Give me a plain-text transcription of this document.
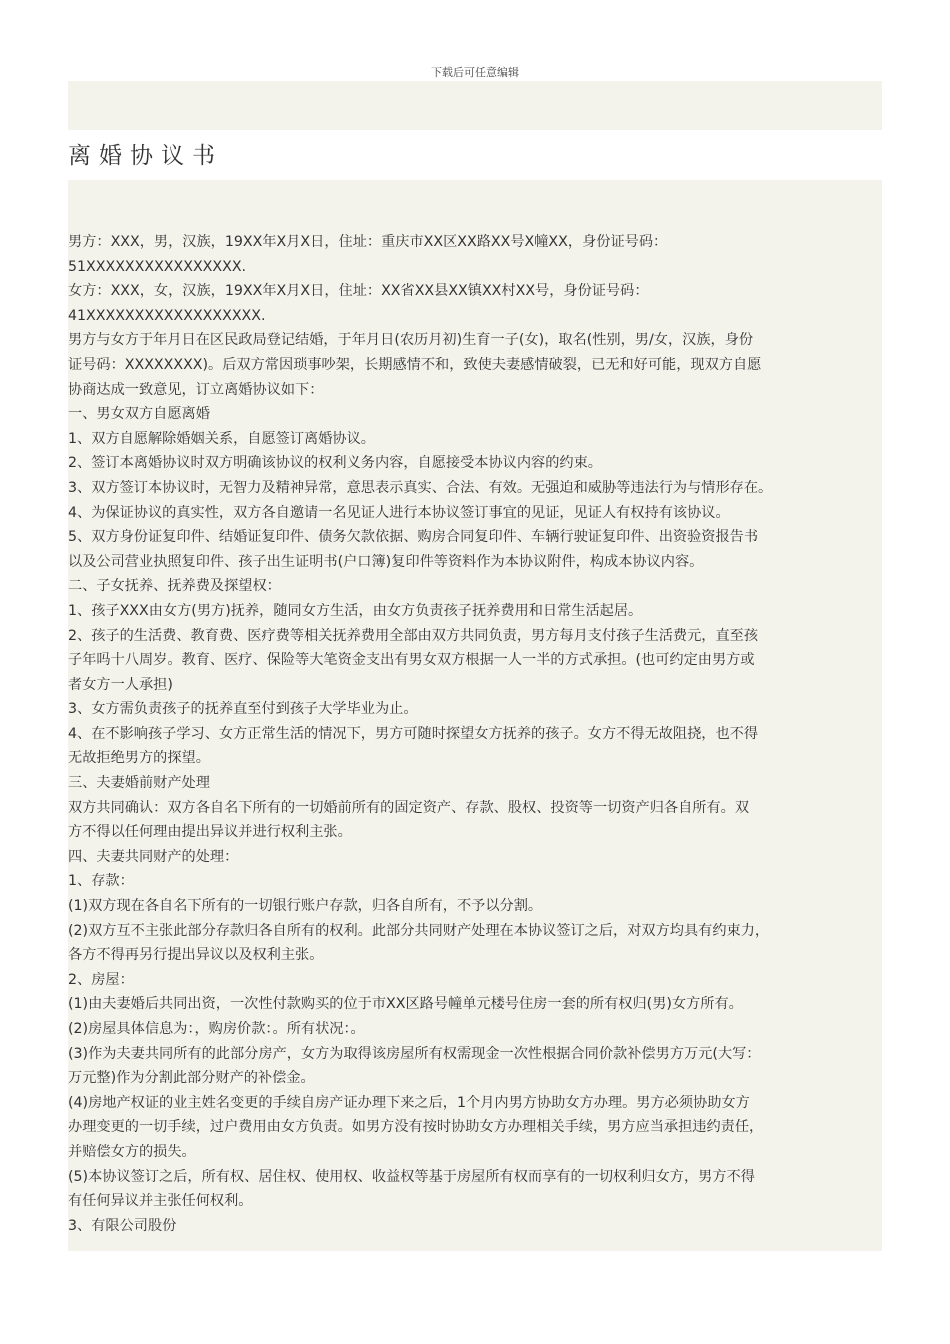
下载后可任意编辑
离婚协议书
男方：XXX，男，汉族，19XX年X月X日，住址：重庆市XX区XX路XX号X幢XX，身份证号码：
51XXXXXXXXXXXXXXXX.
女方：XXX，女，汉族，19XX年X月X日，住址：XX省XX县XX镇XX村XX号，身份证号码：
41XXXXXXXXXXXXXXXXXX.
男方与女方于年月日在区民政局登记结婚，于年月日(农历月初)生育一子(女)，取名(性别，男/女，汉族，身份
证号码：XXXXXXXX)。后双方常因琐事吵架，长期感情不和，致使夫妻感情破裂，已无和好可能，现双方自愿
协商达成一致意见，订立离婚协议如下：
一、男女双方自愿离婚
1、双方自愿解除婚姻关系，自愿签订离婚协议。
2、签订本离婚协议时双方明确该协议的权利义务内容，自愿接受本协议内容的约束。
3、双方签订本协议时，无智力及精神异常，意思表示真实、合法、有效。无强迫和威胁等违法行为与情形存在。
4、为保证协议的真实性，双方各自邀请一名见证人进行本协议签订事宜的见证，见证人有权持有该协议。
5、双方身份证复印件、结婚证复印件、债务欠款依据、购房合同复印件、车辆行驶证复印件、出资验资报告书
以及公司营业执照复印件、孩子出生证明书(户口簿)复印件等资料作为本协议附件，构成本协议内容。
二、子女抚养、抚养费及探望权：
1、孩子XXX由女方(男方)抚养，随同女方生活，由女方负责孩子抚养费用和日常生活起居。
2、孩子的生活费、教育费、医疗费等相关抚养费用全部由双方共同负责，男方每月支付孩子生活费元，直至孩
子年吗十八周岁。教育、医疗、保险等大笔资金支出有男女双方根据一人一半的方式承担。(也可约定由男方或
者女方一人承担)
3、女方需负责孩子的抚养直至付到孩子大学毕业为止。
4、在不影响孩子学习、女方正常生活的情况下，男方可随时探望女方抚养的孩子。女方不得无故阻挠，也不得
无故拒绝男方的探望。
三、夫妻婚前财产处理
双方共同确认：双方各自名下所有的一切婚前所有的固定资产、存款、股权、投资等一切资产归各自所有。双
方不得以任何理由提出异议并进行权利主张。
四、夫妻共同财产的处理：
1、存款：
(1)双方现在各自名下所有的一切银行账户存款，归各自所有，不予以分割。
(2)双方互不主张此部分存款归各自所有的权利。此部分共同财产处理在本协议签订之后，对双方均具有约束力，
各方不得再另行提出异议以及权利主张。
2、房屋：
(1)由夫妻婚后共同出资，一次性付款购买的位于市XX区路号幢单元楼号住房一套的所有权归(男)女方所有。
(2)房屋具体信息为：，购房价款：。所有状况：。
(3)作为夫妻共同所有的此部分房产，女方为取得该房屋所有权需现金一次性根据合同价款补偿男方万元(大写：
万元整)作为分割此部分财产的补偿金。
(4)房地产权证的业主姓名变更的手续自房产证办理下来之后，1个月内男方协助女方办理。男方必须协助女方
办理变更的一切手续，过户费用由女方负责。如男方没有按时协助女方办理相关手续，男方应当承担违约责任，
并赔偿女方的损失。
(5)本协议签订之后，所有权、居住权、使用权、收益权等基于房屋所有权而享有的一切权利归女方，男方不得
有任何异议并主张任何权利。
3、有限公司股份
